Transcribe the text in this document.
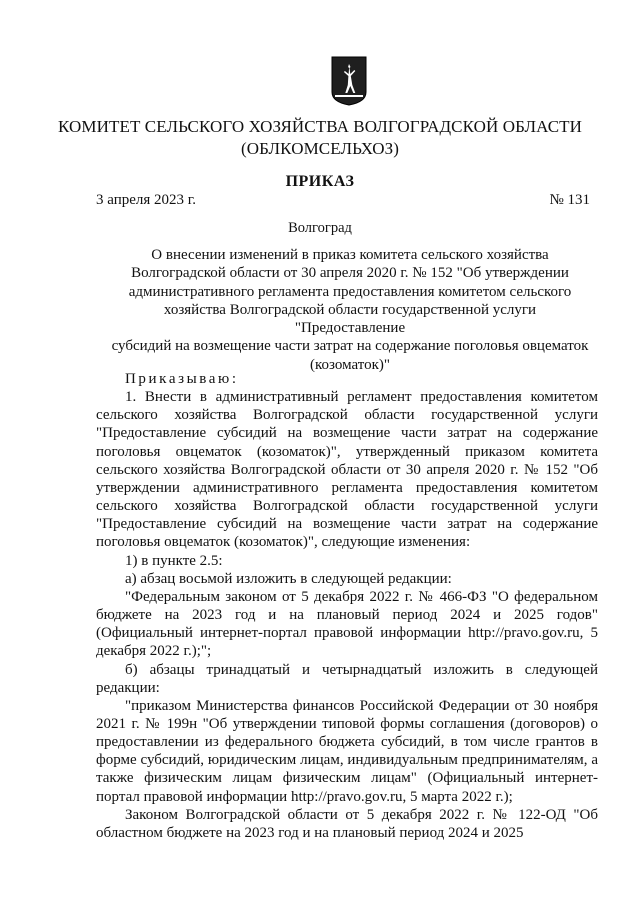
КОМИТЕТ СЕЛЬСКОГО ХОЗЯЙСТВА ВОЛГОГРАДСКОЙ ОБЛАСТИ
(ОБЛКОМСЕЛЬХОЗ)
ПРИКАЗ
3 апреля 2023 г.	№ 131
Волгоград
О внесении изменений в приказ комитета сельского хозяйства
Волгоградской области от 30 апреля 2020 г. № 152 "Об утверждении
административного регламента предоставления комитетом сельского
хозяйства Волгоградской области государственной услуги "Предоставление
субсидий на возмещение части затрат на содержание поголовья овцематок
(козоматок)"

Приказываю:

1. Внести в административный регламент предоставления комитетом сельского хозяйства Волгоградской области государственной услуги "Предоставление субсидий на возмещение части затрат на содержание поголовья овцематок (козоматок)", утвержденный приказом комитета сельского хозяйства Волгоградской области от 30 апреля 2020 г. № 152 "Об утверждении административного регламента предоставления комитетом сельского хозяйства Волгоградской области государственной услуги "Предоставление субсидий на возмещение части затрат на содержание поголовья овцематок (козоматок)", следующие изменения:

1) в пункте 2.5:

а) абзац восьмой изложить в следующей редакции:

"Федеральным законом от 5 декабря 2022 г. № 466-ФЗ "О федеральном бюджете на 2023 год и на плановый период 2024 и 2025 годов" (Официальный интернет-портал правовой информации http://pravo.gov.ru, 5 декабря 2022 г.);";

б) абзацы тринадцатый и четырнадцатый изложить в следующей редакции:

"приказом Министерства финансов Российской Федерации от 30 ноября 2021 г. № 199н "Об утверждении типовой формы соглашения (договоров) о предоставлении из федерального бюджета субсидий, в том числе грантов в форме субсидий, юридическим лицам, индивидуальным предпринимателям, а также физическим лицам физическим лицам" (Официальный интернет-портал правовой информации http://pravo.gov.ru, 5 марта 2022 г.);

Законом Волгоградской области от 5 декабря 2022 г. № 122-ОД "Об областном бюджете на 2023 год и на плановый период 2024 и 2025
